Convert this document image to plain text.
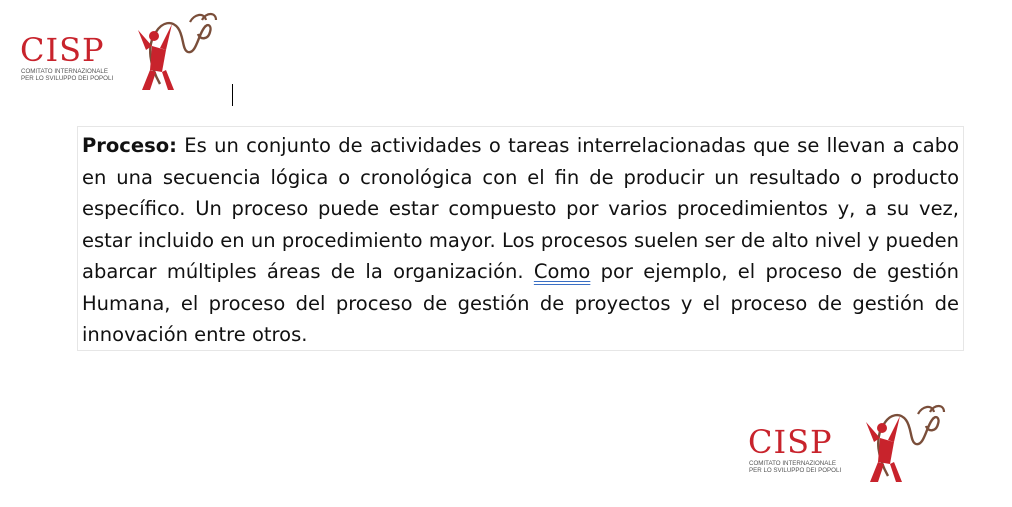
CISP
COMITATO INTERNAZIONALE
PER LO SVILUPPO DEI POPOLI
Proceso: Es un conjunto de actividades o tareas interrelacionadas que se llevan a cabo en una secuencia lógica o cronológica con el fin de producir un resultado o producto específico. Un proceso puede estar compuesto por varios procedimientos y, a su vez, estar incluido en un procedimiento mayor. Los procesos suelen ser de alto nivel y pueden abarcar múltiples áreas de la organización. Como por ejemplo, el proceso de gestión Humana, el proceso del proceso de gestión de proyectos y el proceso de gestión de innovación entre otros.
CISP
COMITATO INTERNAZIONALE
PER LO SVILUPPO DEI POPOLI
